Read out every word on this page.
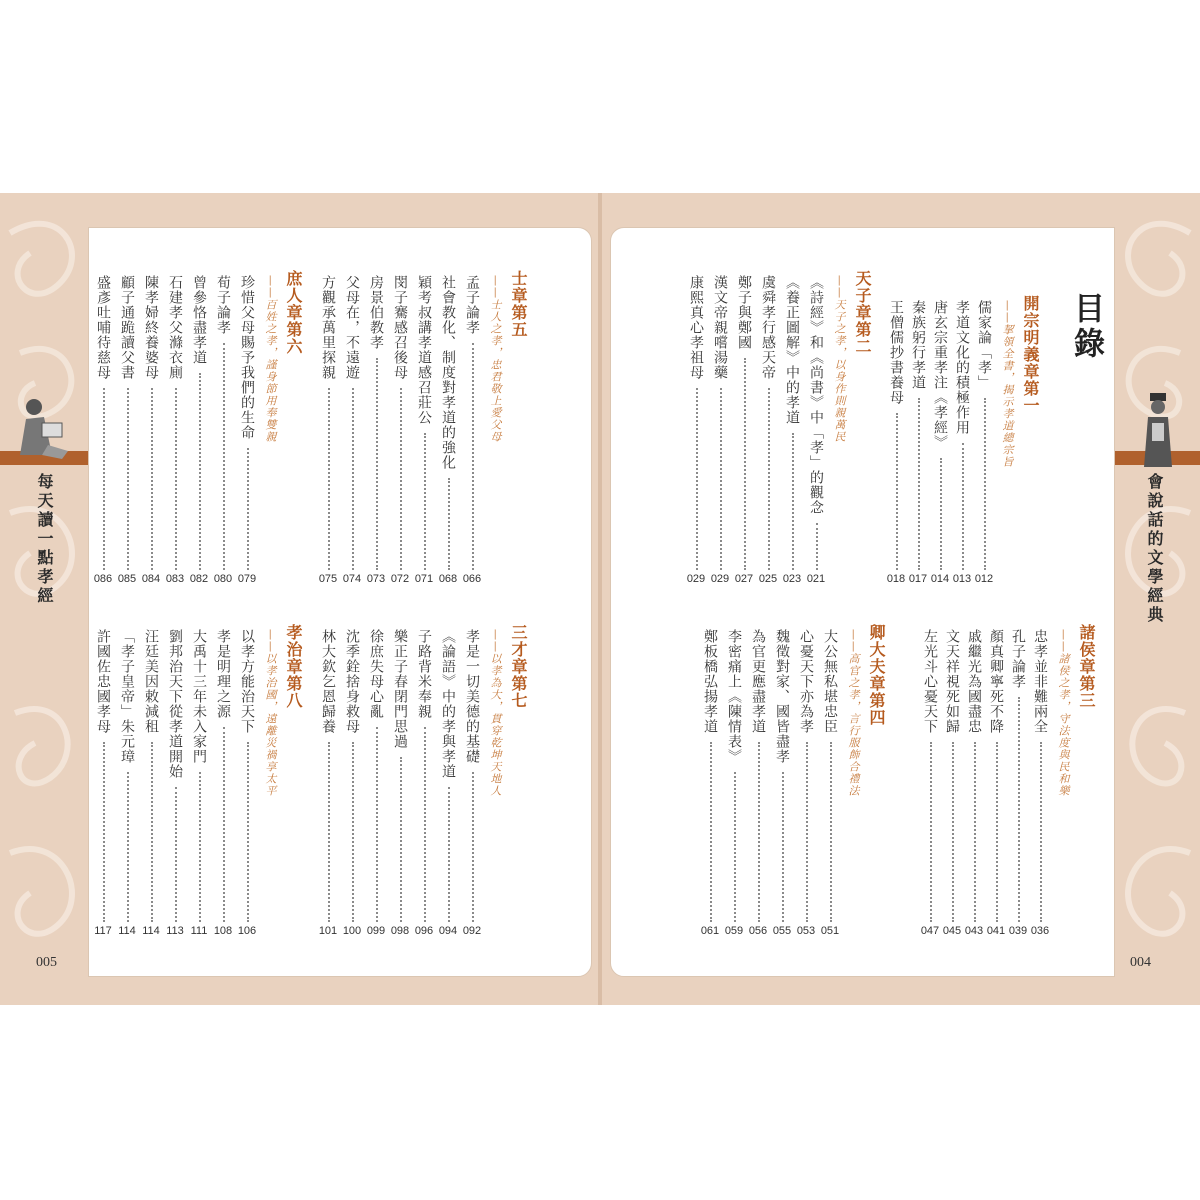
每天讀一點孝經	會說話的文學經典
005	004
目錄
開宗明義章第一
——挈領全書，揭示孝道總宗旨
儒家論「孝」
012
孝道文化的積極作用
013
唐玄宗重孝注《孝經》
014
秦族躬行孝道
017
王僧儒抄書養母
018
天子章第二
——天子之孝，以身作則親萬民
《詩經》和《尚書》中「孝」的觀念
021
《養正圖解》中的孝道
023
虞舜孝行感天帝
025
鄭子與鄭國
027
漢文帝親嚐湯藥
029
康熙真心孝祖母
029
士章第五
——士人之孝，忠君敬上愛父母
孟子論孝
066
社會教化、制度對孝道的強化
068
穎考叔講孝道感召莊公
071
閔子騫感召後母
072
房景伯教孝
073
父母在，不遠遊
074
方觀承萬里探親
075
庶人章第六
——百姓之孝，謹身節用奉雙親
珍惜父母賜予我們的生命
079
荀子論孝
080
曾參恪盡孝道
082
石建孝父滌衣廁
083
陳孝婦終養婆母
084
顧子通跪讀父書
085
盛彥吐哺待慈母
086
諸侯章第三
——諸侯之孝，守法度與民和樂
忠孝並非難兩全
036
孔子論孝
039
顏真卿寧死不降
041
戚繼光為國盡忠
043
文天祥視死如歸
045
左光斗心憂天下
047
卿大夫章第四
——高官之孝，言行服飾合禮法
大公無私堪忠臣
051
心憂天下亦為孝
053
魏徵對家、國皆盡孝
055
為官更應盡孝道
056
李密痛上《陳情表》
059
鄭板橋弘揚孝道
061
三才章第七
——以孝為大，貫穿乾坤天地人
孝是一切美德的基礎
092
《論語》中的孝與孝道
094
子路背米奉親
096
樂正子春閉門思過
098
徐庶失母心亂
099
沈季銓捨身救母
100
林大欽乞恩歸養
101
孝治章第八
——以孝治國，遠離災禍享太平
以孝方能治天下
106
孝是明理之源
108
大禹十三年未入家門
111
劉邦治天下從孝道開始
113
汪廷美因敕減租
114
「孝子皇帝」朱元璋
114
許國佐忠國孝母
117
